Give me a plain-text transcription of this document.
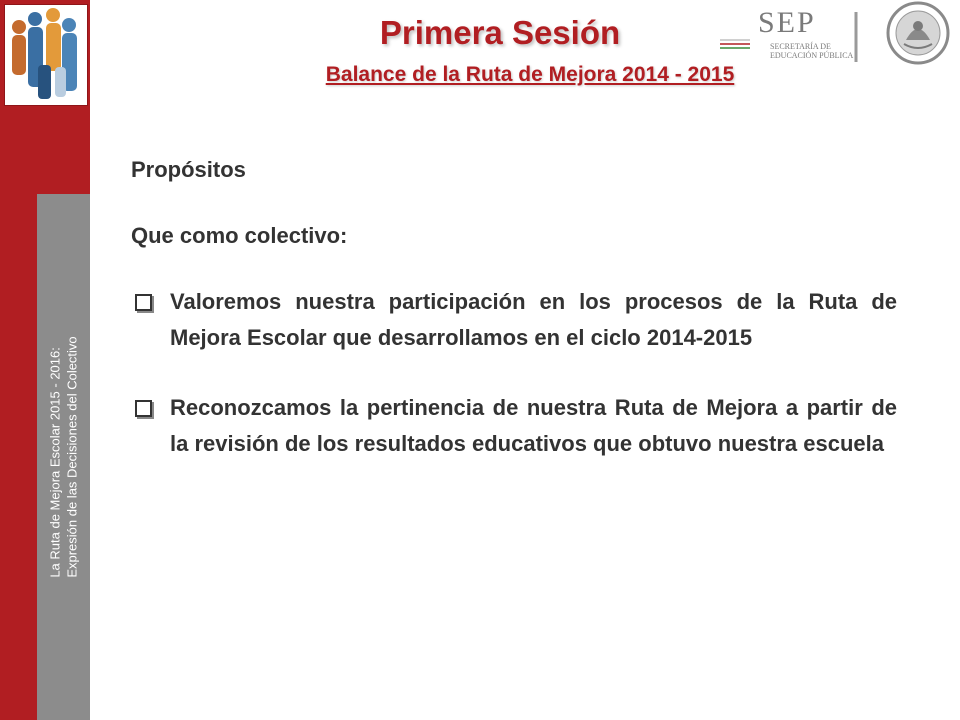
La Ruta de Mejora Escolar 2015 - 2016: Expresión de las Decisiones del Colectivo
Primera Sesión
Balance de la Ruta de Mejora 2014 - 2015
SEP
SECRETARÍA DE
EDUCACIÓN PÚBLICA
Propósitos
Que como colectivo:
Valoremos nuestra participación en los procesos de la Ruta de Mejora Escolar que desarrollamos en el ciclo 2014-2015
Reconozcamos la pertinencia de nuestra Ruta de Mejora a partir de la revisión de los resultados educativos que obtuvo nuestra escuela
